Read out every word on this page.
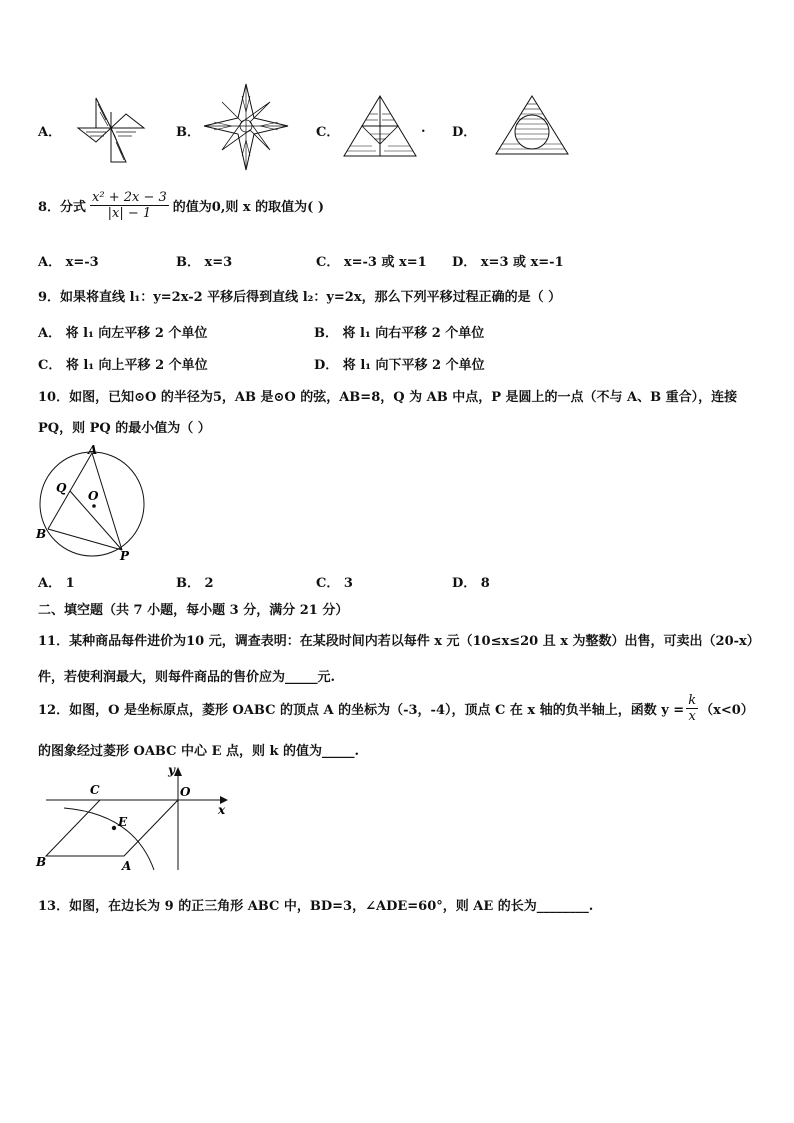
A．	B．	C．	. D．
8．分式 $\frac{\text{x² + 2x − 3}}{|x| - 1}$ 的值为0,则 x 的取值为( )
A． x=-3	B． x=3	C． x=-3 或 x=1 D． x=3 或 x=-1
9．如果将直线 l₁：y=2x-2 平移后得到直线 l₂：y=2x，那么下列平移过程正确的是（ ）
A． 将 l₁ 向左平移 2 个单位	B． 将 l₁ 向右平移 2 个单位
C． 将 l₁ 向上平移 2 个单位	D． 将 l₁ 向下平移 2 个单位
10．如图，已知⊙O 的半径为5，AB 是⊙O 的弦，AB=8，Q 为 AB 中点，P 是圆上的一点（不与 A、B 重合），连接
PQ，则 PQ 的最小值为（ ）
A
Q
O
B
P
A． 1	B． 2	C． 3	D． 8
二、填空题（共 7 小题，每小题 3 分，满分 21 分）
11．某种商品每件进价为10 元，调查表明：在某段时间内若以每件 x 元（10≤x≤20 且 x 为整数）出售，可卖出（20-x）
件，若使利润最大，则每件商品的售价应为_____元.
12．如图，O 是坐标原点，菱形 OABC 的顶点 A 的坐标为（-3，-4），顶点 C 在 x 轴的负半轴上，函数 $y = \frac{k}{x} (x<0)$
的图象经过菱形 OABC 中心 E 点，则 k 的值为_____.
y
C	O
x
E
B	A
13．如图，在边长为 9 的正三角形 ABC 中，BD=3，∠ADE=60°，则 AE 的长为________.
